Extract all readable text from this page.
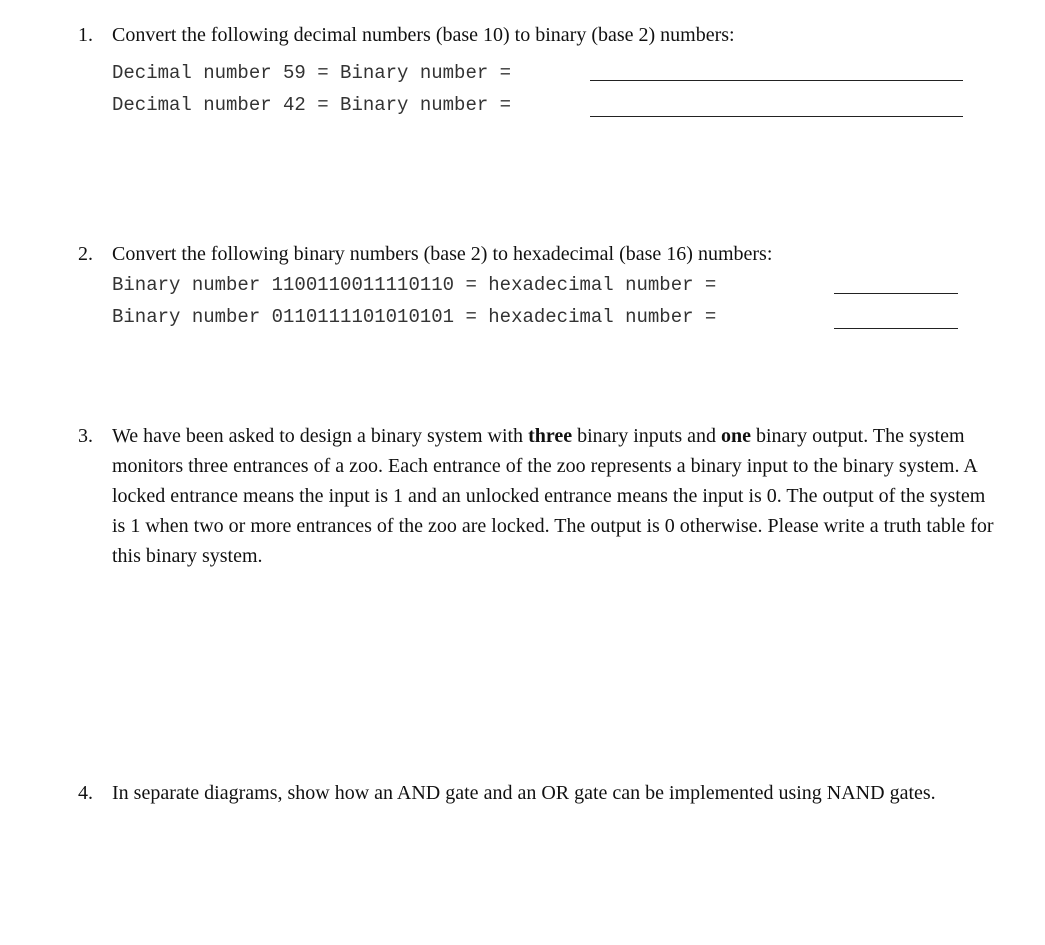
1. Convert the following decimal numbers (base 10) to binary (base 2) numbers:
Decimal number 59 = Binary number =
Decimal number 42 = Binary number =
2. Convert the following binary numbers (base 2) to hexadecimal (base 16) numbers:
Binary number 1100110011110110 = hexadecimal number =
Binary number 0110111101010101 = hexadecimal number =
3. We have been asked to design a binary system with three binary inputs and one binary output. The system monitors three entrances of a zoo. Each entrance of the zoo represents a binary input to the binary system. A locked entrance means the input is 1 and an unlocked entrance means the input is 0. The output of the system is 1 when two or more entrances of the zoo are locked. The output is 0 otherwise. Please write a truth table for this binary system.
4. In separate diagrams, show how an AND gate and an OR gate can be implemented using NAND gates.
